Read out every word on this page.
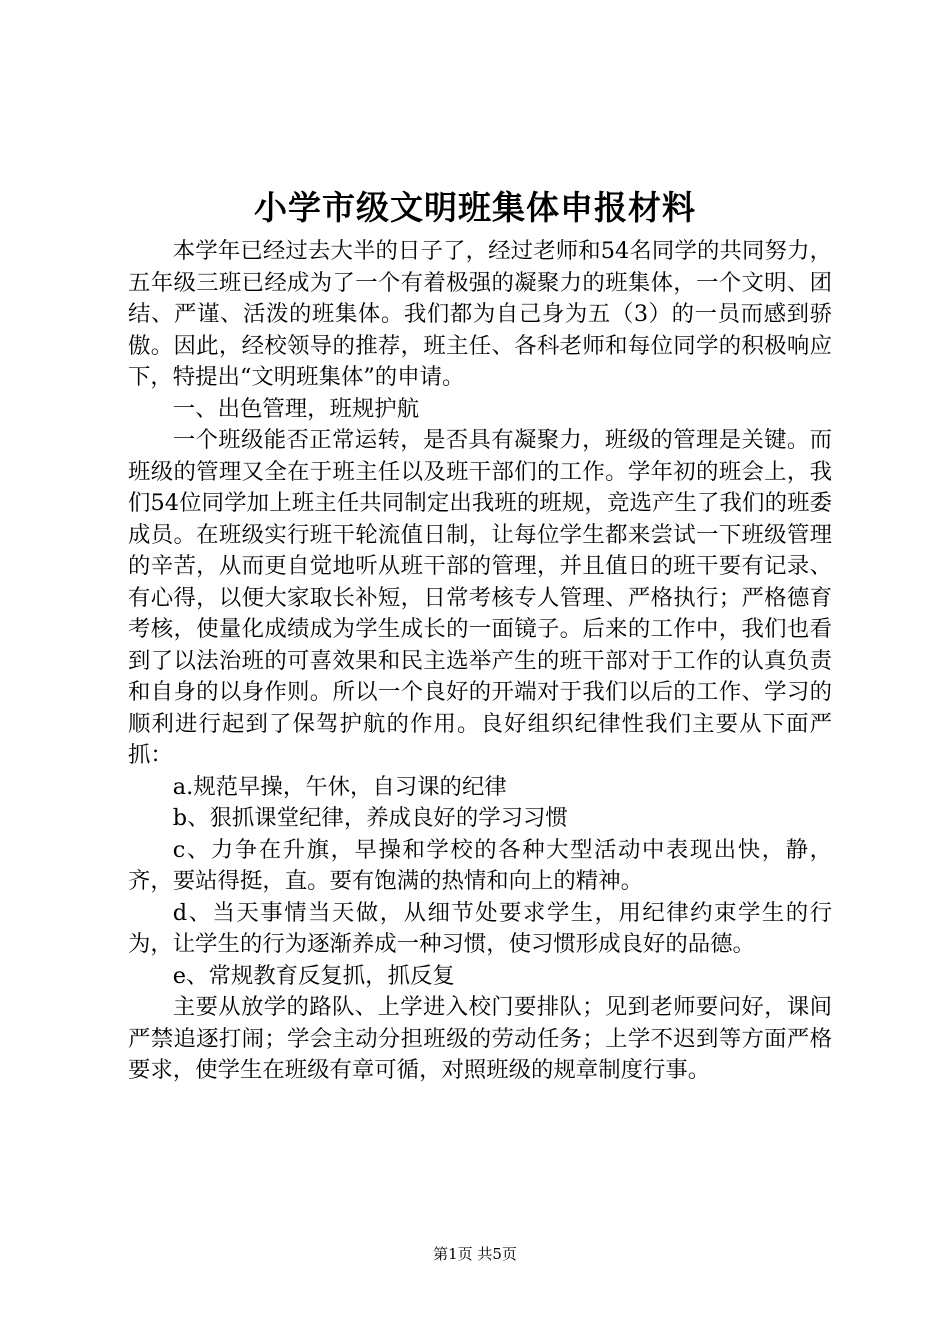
小学市级文明班集体申报材料

本学年已经过去大半的日子了，经过老师和54名同学的共同努力，五年级三班已经成为了一个有着极强的凝聚力的班集体，一个文明、团结、严谨、活泼的班集体。我们都为自己身为五（3）的一员而感到骄傲。因此，经校领导的推荐，班主任、各科老师和每位同学的积极响应下，特提出“文明班集体”的申请。

一、出色管理，班规护航

一个班级能否正常运转，是否具有凝聚力，班级的管理是关键。而班级的管理又全在于班主任以及班干部们的工作。学年初的班会上，我们54位同学加上班主任共同制定出我班的班规，竞选产生了我们的班委成员。在班级实行班干轮流值日制，让每位学生都来尝试一下班级管理的辛苦，从而更自觉地听从班干部的管理，并且值日的班干要有记录、有心得，以便大家取长补短，日常考核专人管理、严格执行；严格德育考核，使量化成绩成为学生成长的一面镜子。后来的工作中，我们也看到了以法治班的可喜效果和民主选举产生的班干部对于工作的认真负责和自身的以身作则。所以一个良好的开端对于我们以后的工作、学习的顺利进行起到了保驾护航的作用。良好组织纪律性我们主要从下面严抓：

a.规范早操，午休，自习课的纪律

b、狠抓课堂纪律，养成良好的学习习惯

c、力争在升旗，早操和学校的各种大型活动中表现出快，静，齐，要站得挺，直。要有饱满的热情和向上的精神。

d、当天事情当天做，从细节处要求学生，用纪律约束学生的行为，让学生的行为逐渐养成一种习惯，使习惯形成良好的品德。

e、常规教育反复抓，抓反复

主要从放学的路队、上学进入校门要排队；见到老师要问好，课间严禁追逐打闹；学会主动分担班级的劳动任务；上学不迟到等方面严格要求，使学生在班级有章可循，对照班级的规章制度行事。

第1页 共5页
